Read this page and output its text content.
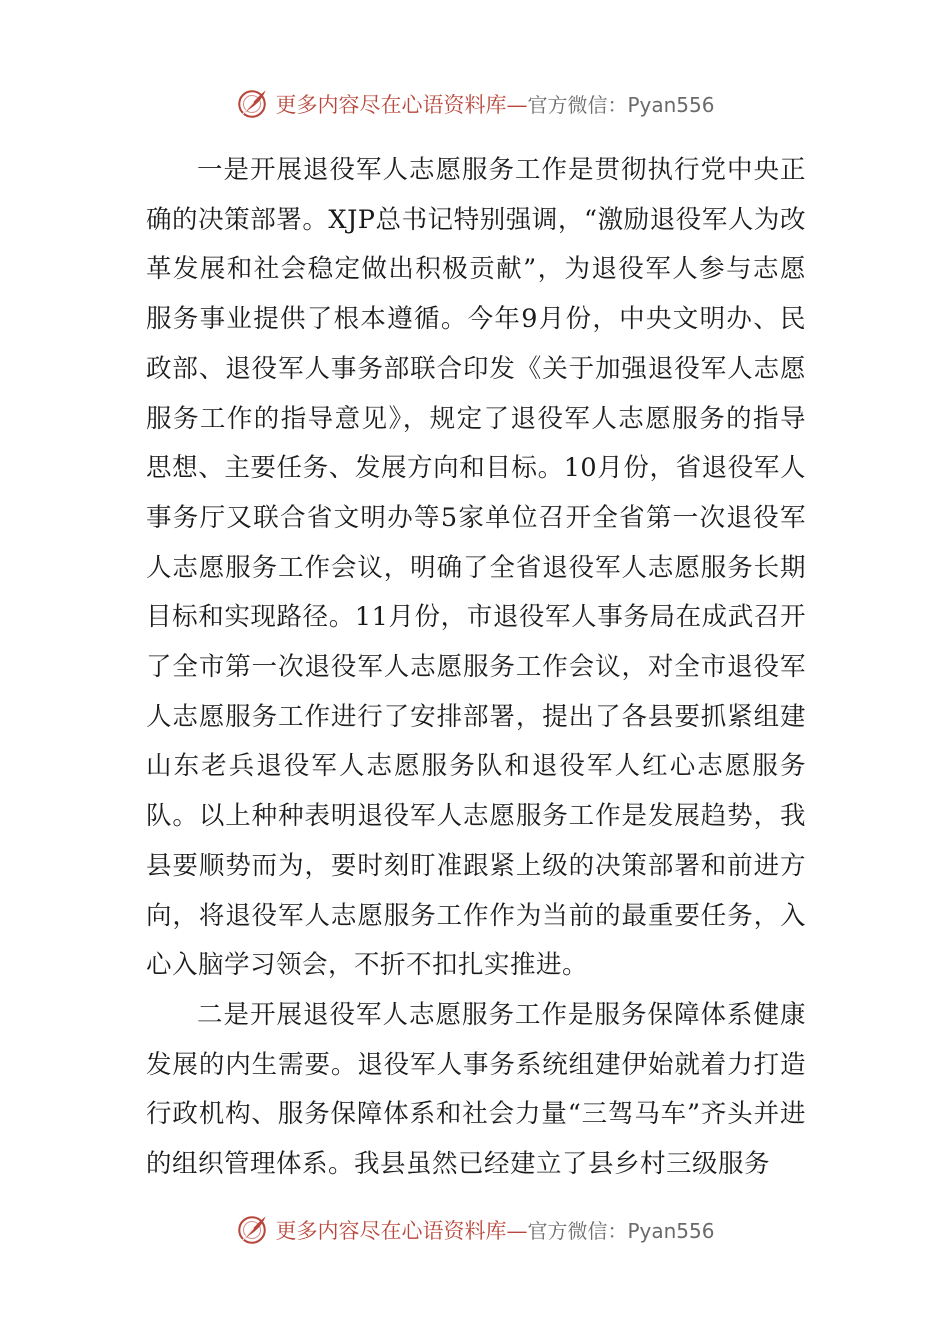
更多内容尽在心语资料库—官方微信：Pyan556

一是开展退役军人志愿服务工作是贯彻执行党中央正确的决策部署。XJP总书记特别强调，“激励退役军人为改革发展和社会稳定做出积极贡献”，为退役军人参与志愿服务事业提供了根本遵循。今年9月份，中央文明办、民政部、退役军人事务部联合印发《关于加强退役军人志愿服务工作的指导意见》，规定了退役军人志愿服务的指导思想、主要任务、发展方向和目标。10月份，省退役军人事务厅又联合省文明办等5家单位召开全省第一次退役军人志愿服务工作会议，明确了全省退役军人志愿服务长期目标和实现路径。11月份，市退役军人事务局在成武召开了全市第一次退役军人志愿服务工作会议，对全市退役军人志愿服务工作进行了安排部署，提出了各县要抓紧组建山东老兵退役军人志愿服务队和退役军人红心志愿服务队。以上种种表明退役军人志愿服务工作是发展趋势，我县要顺势而为，要时刻盯准跟紧上级的决策部署和前进方向，将退役军人志愿服务工作作为当前的最重要任务，入心入脑学习领会，不折不扣扎实推进。

二是开展退役军人志愿服务工作是服务保障体系健康发展的内生需要。退役军人事务系统组建伊始就着力打造行政机构、服务保障体系和社会力量“三驾马车”齐头并进的组织管理体系。我县虽然已经建立了县乡村三级服务

更多内容尽在心语资料库—官方微信：Pyan556
